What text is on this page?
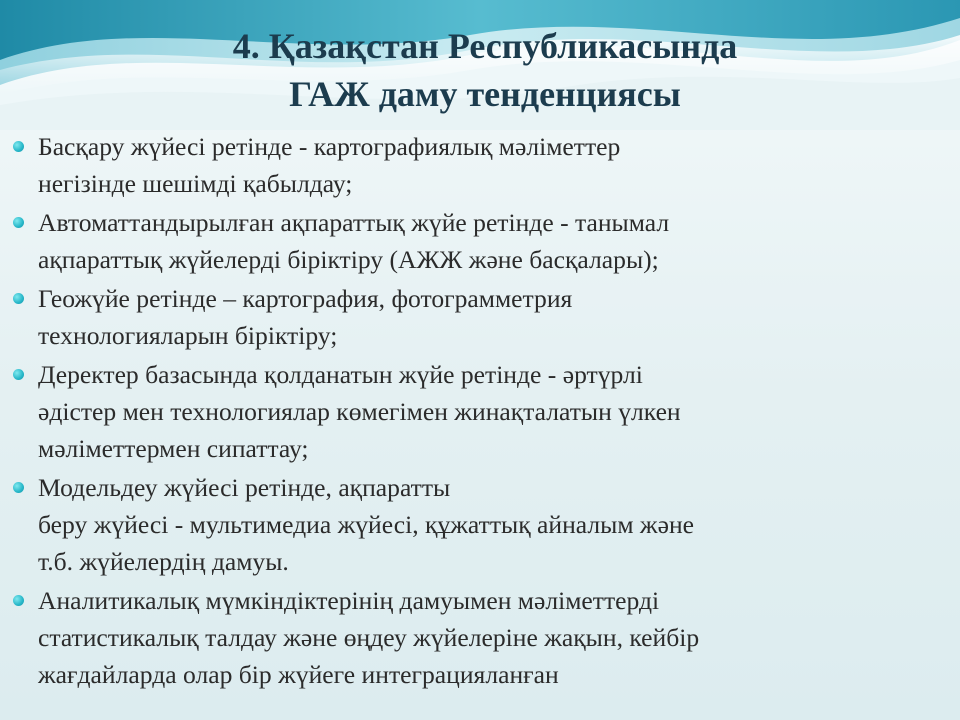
4. Қазақстан Республикасында
ГАЖ даму тенденциясы
Басқару жүйесі ретінде - картографиялық мәліметтер
негізінде шешімді қабылдау;
Автоматтандырылған ақпараттық жүйе ретінде - танымал
ақпараттық жүйелерді біріктіру (АЖЖ және басқалары);
Геожүйе ретінде – картография, фотограмметрия
технологияларын біріктіру;
Деректер базасында қолданатын жүйе ретінде - әртүрлі
әдістер мен технологиялар көмегімен жинақталатын үлкен
мәліметтермен сипаттау;
Модельдеу жүйесі ретінде, ақпаратты
беру жүйесі - мультимедиа жүйесі, құжаттық айналым және
т.б. жүйелердің дамуы.
Аналитикалық мүмкіндіктерінің дамуымен мәліметтерді
статистикалық талдау және өңдеу жүйелеріне жақын, кейбір
жағдайларда олар бір жүйеге интеграцияланған
